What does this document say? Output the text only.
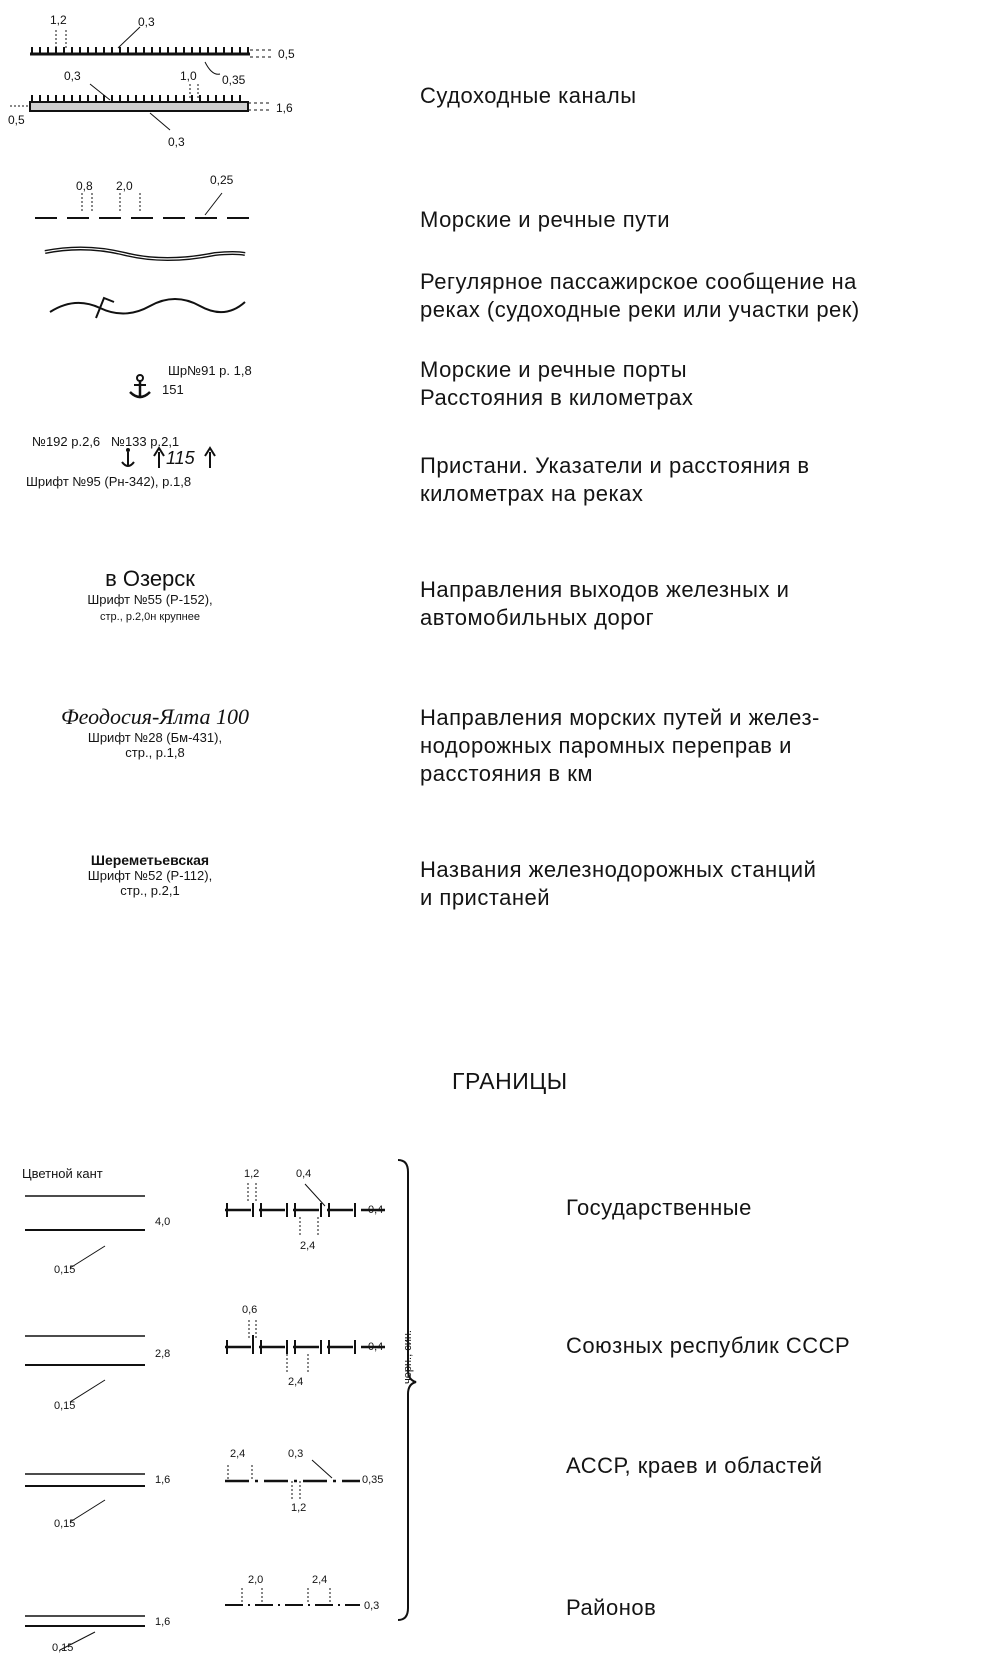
1,2	0,3
0,5
0,3	1,0 0,35
0,5
1,6
0,3
0,8 2,0	0,25
Судоходные каналы
Морские и речные пути
Регулярное пассажирское сообщение на
реках (судоходные реки или участки рек)
Шр№91 р. 1,8
151
Морские и речные порты
Расстояния в километрах
№192 р.2,6   №133 р.2,1
115
Шрифт №95 (Рн-342), р.1,8
Пристани. Указатели и расстояния в
километрах на реках
в Озерск
Шрифт №55 (Р-152),
стр., р.2,0н крупнее
Направления выходов железных и
автомобильных дорог
Феодосия-Ялта 100
Шрифт №28 (Бм-431),
стр., р.1,8
Направления морских путей и желез-
нодорожных паромных переправ и
расстояния в км
Шереметьевская
Шрифт №52 (Р-112),
стр., р.2,1
Названия железнодорожных станций
и пристаней
ГРАНИЦЫ
Цветной кант
4,0
0,15
1,2	0,4
2,4
0,4	Государственные
2,8
0,15
0,6
2,4
0,4	Союзных республик СССР
1,6
0,15
2,4	0,3
1,2
0,35
АССР, краев и областей
1,6
0,15
2,0	2,4
0,3	Районов
черн., син.
